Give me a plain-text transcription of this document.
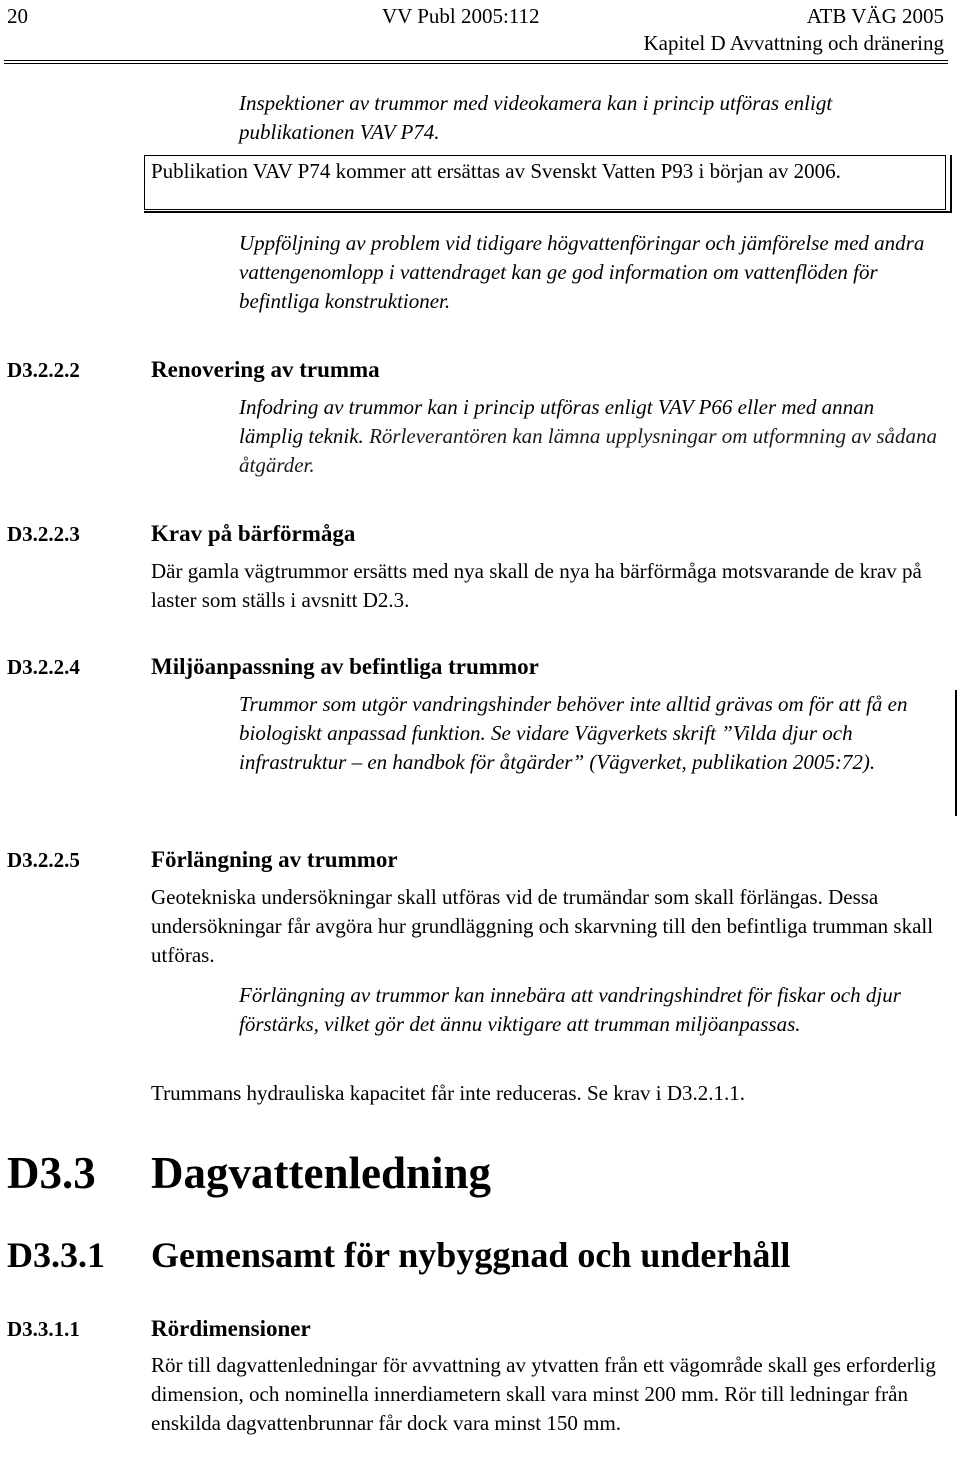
20	VV Publ 2005:112	ATB VÄG 2005
Kapitel D Avvattning och dränering

Inspektioner av trummor med videokamera kan i princip utföras enligt publikationen VAV P74.

Publikation VAV P74 kommer att ersättas av Svenskt Vatten P93 i början av 2006.

Uppföljning av problem vid tidigare högvattenföringar och jämförelse med andra vattengenomlopp i vattendraget kan ge god information om vattenflöden för befintliga konstruktioner.

D3.2.2.2	Renovering av trumma

Infodring av trummor kan i princip utföras enligt VAV P66 eller med annan lämplig teknik. Rörleverantören kan lämna upplysningar om utformning av sådana åtgärder.

D3.2.2.3	Krav på bärförmåga

Där gamla vägtrummor ersätts med nya skall de nya ha bärförmåga motsvarande de krav på laster som ställs i avsnitt D2.3.

D3.2.2.4	Miljöanpassning av befintliga trummor

Trummor som utgör vandringshinder behöver inte alltid grävas om för att få en biologiskt anpassad funktion. Se vidare Vägverkets skrift ”Vilda djur och infrastruktur – en handbok för åtgärder” (Vägverket, publikation 2005:72).

D3.2.2.5	Förlängning av trummor

Geotekniska undersökningar skall utföras vid de trumändar som skall förlängas. Dessa undersökningar får avgöra hur grundläggning och skarvning till den befintliga trumman skall utföras.

Förlängning av trummor kan innebära att vandringshindret för fiskar och djur förstärks, vilket gör det ännu viktigare att trumman miljöanpassas.

Trummans hydrauliska kapacitet får inte reduceras. Se krav i D3.2.1.1.

D3.3 Dagvattenledning
D3.3.1 Gemensamt för nybyggnad och underhåll
D3.3.1.1	Rördimensioner

Rör till dagvattenledningar för avvattning av ytvatten från ett vägområde skall ges erforderlig dimension, och nominella innerdiametern skall vara minst 200 mm. Rör till ledningar från enskilda dagvattenbrunnar får dock vara minst 150 mm.
